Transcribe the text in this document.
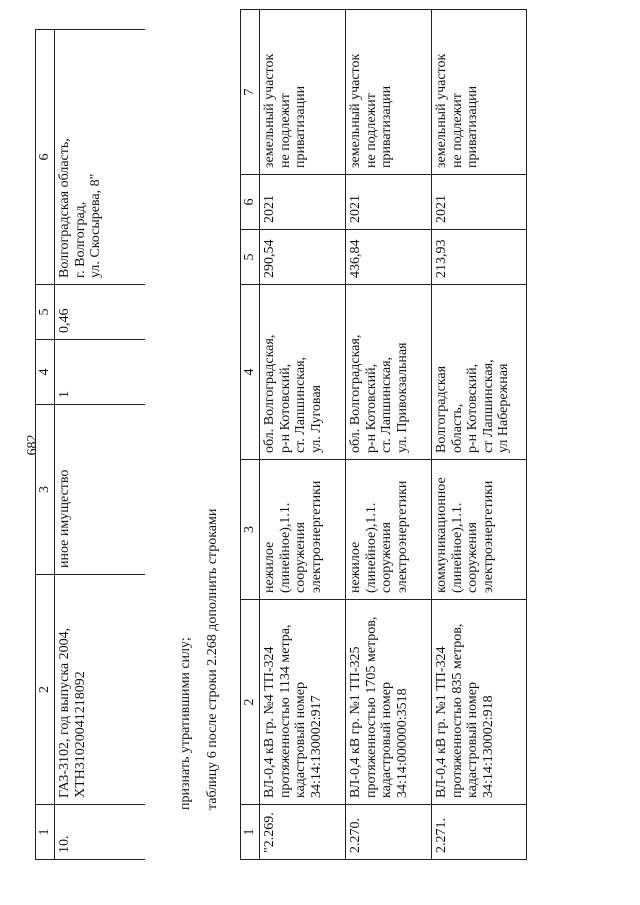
682
1	2	3	4	5	6
10.	ГАЗ-3102, год выпуска 2004,
ХТН31020041218092	иное имущество	1	0,46	Волгоградская область,
г. Волгоград,
ул. Скосырева, 8"
признать утратившими силу; таблицу 6 после строки 2.268 дополнить строками
1	2	3	4	5	6	7
"2.269.	ВЛ-0,4 кВ гр. №4 ТП-324
протяженностью 1134 метра,
кадастровый номер
34:14:130002:917	нежилое
(линейное),1.1.
сооружения
электроэнергетики	обл. Волгоградская,
р-н Котовский,
ст. Лапшинская,
ул. Луговая	290,54	2021	земельный участок
не подлежит
приватизации
2.270.	ВЛ-0,4 кВ гр. №1 ТП-325
протяженностью 1705 метров,
кадастровый номер
34:14:000000:3518	нежилое
(линейное),1.1.
сооружения
электроэнергетики	обл. Волгоградская,
р-н Котовский,
ст. Лапшинская,
ул. Привокзальная	436,84	2021	земельный участок
не подлежит
приватизации
2.271.	ВЛ-0,4 кВ гр. №1 ТП-324
протяженностью 835 метров,
кадастровый номер
34:14:130002:918	коммуникационное
(линейное),1.1.
сооружения
электроэнергетики	Волгоградская
область,
р-н Котовский,
ст Лапшинская,
ул Набережная	213,93	2021	земельный участок
не подлежит
приватизации
